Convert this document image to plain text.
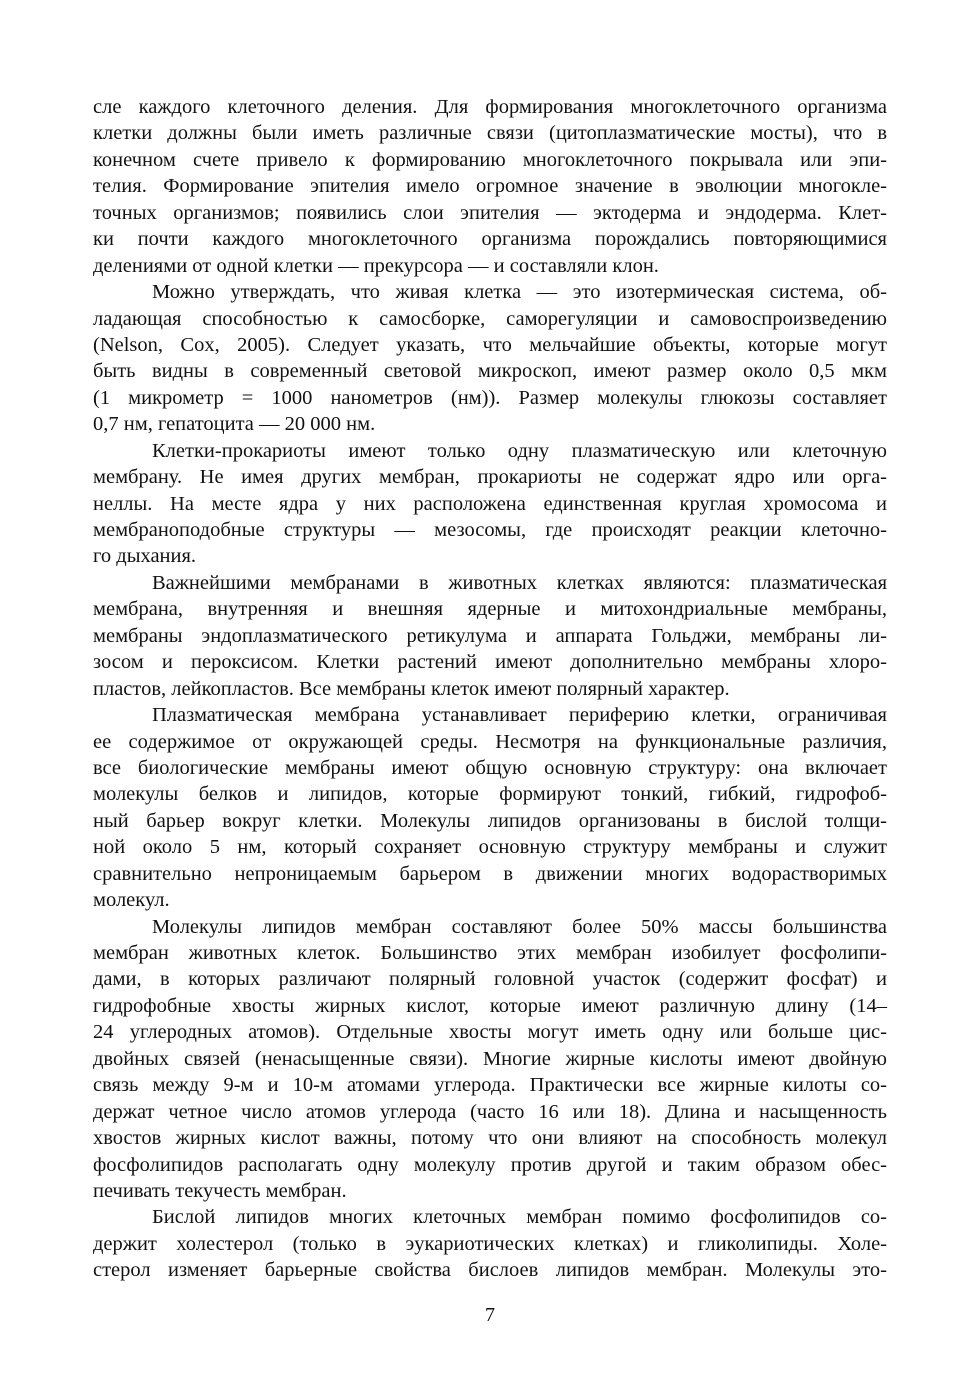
сле каждого клеточного деления. Для формирования многоклеточного организма
клетки должны были иметь различные связи (цитоплазматические мосты), что в
конечном счете привело к формированию многоклеточного покрывала или эпи-
телия. Формирование эпителия имело огромное значение в эволюции многокле-
точных организмов; появились слои эпителия — эктодерма и эндодерма. Клет-
ки почти каждого многоклеточного организма порождались повторяющимися
делениями от одной клетки — прекурсора — и составляли клон.
Можно утверждать, что живая клетка — это изотермическая система, об-
ладающая способностью к самосборке, саморегуляции и самовоспроизведению
(Nelson, Cox, 2005). Следует указать, что мельчайшие объекты, которые могут
быть видны в современный световой микроскоп, имеют размер около 0,5 мкм
(1 микрометр = 1000 нанометров (нм)). Размер молекулы глюкозы составляет
0,7 нм, гепатоцита — 20 000 нм.
Клетки-прокариоты имеют только одну плазматическую или клеточную
мембрану. Не имея других мембран, прокариоты не содержат ядро или орга-
неллы. На месте ядра у них расположена единственная круглая хромосома и
мембраноподобные структуры — мезосомы, где происходят реакции клеточно-
го дыхания.
Важнейшими мембранами в животных клетках являются: плазматическая
мембрана, внутренняя и внешняя ядерные и митохондриальные мембраны,
мембраны эндоплазматического ретикулума и аппарата Гольджи, мембраны ли-
зосом и пероксисом. Клетки растений имеют дополнительно мембраны хлоро-
пластов, лейкопластов. Все мембраны клеток имеют полярный характер.
Плазматическая мембрана устанавливает периферию клетки, ограничивая
ее содержимое от окружающей среды. Несмотря на функциональные различия,
все биологические мембраны имеют общую основную структуру: она включает
молекулы белков и липидов, которые формируют тонкий, гибкий, гидрофоб-
ный барьер вокруг клетки. Молекулы липидов организованы в бислой толщи-
ной около 5 нм, который сохраняет основную структуру мембраны и служит
сравнительно непроницаемым барьером в движении многих водорастворимых
молекул.
Молекулы липидов мембран составляют более 50% массы большинства
мембран животных клеток. Большинство этих мембран изобилует фосфолипи-
дами, в которых различают полярный головной участок (содержит фосфат) и
гидрофобные хвосты жирных кислот, которые имеют различную длину (14–
24 углеродных атомов). Отдельные хвосты могут иметь одну или больше цис-
двойных связей (ненасыщенные связи). Многие жирные кислоты имеют двойную
связь между 9-м и 10-м атомами углерода. Практически все жирные килоты со-
держат четное число атомов углерода (часто 16 или 18). Длина и насыщенность
хвостов жирных кислот важны, потому что они влияют на способность молекул
фосфолипидов располагать одну молекулу против другой и таким образом обес-
печивать текучесть мембран.
Бислой липидов многих клеточных мембран помимо фосфолипидов со-
держит холестерол (только в эукариотических клетках) и гликолипиды. Холе-
стерол изменяет барьерные свойства бислоев липидов мембран. Молекулы это-
7
